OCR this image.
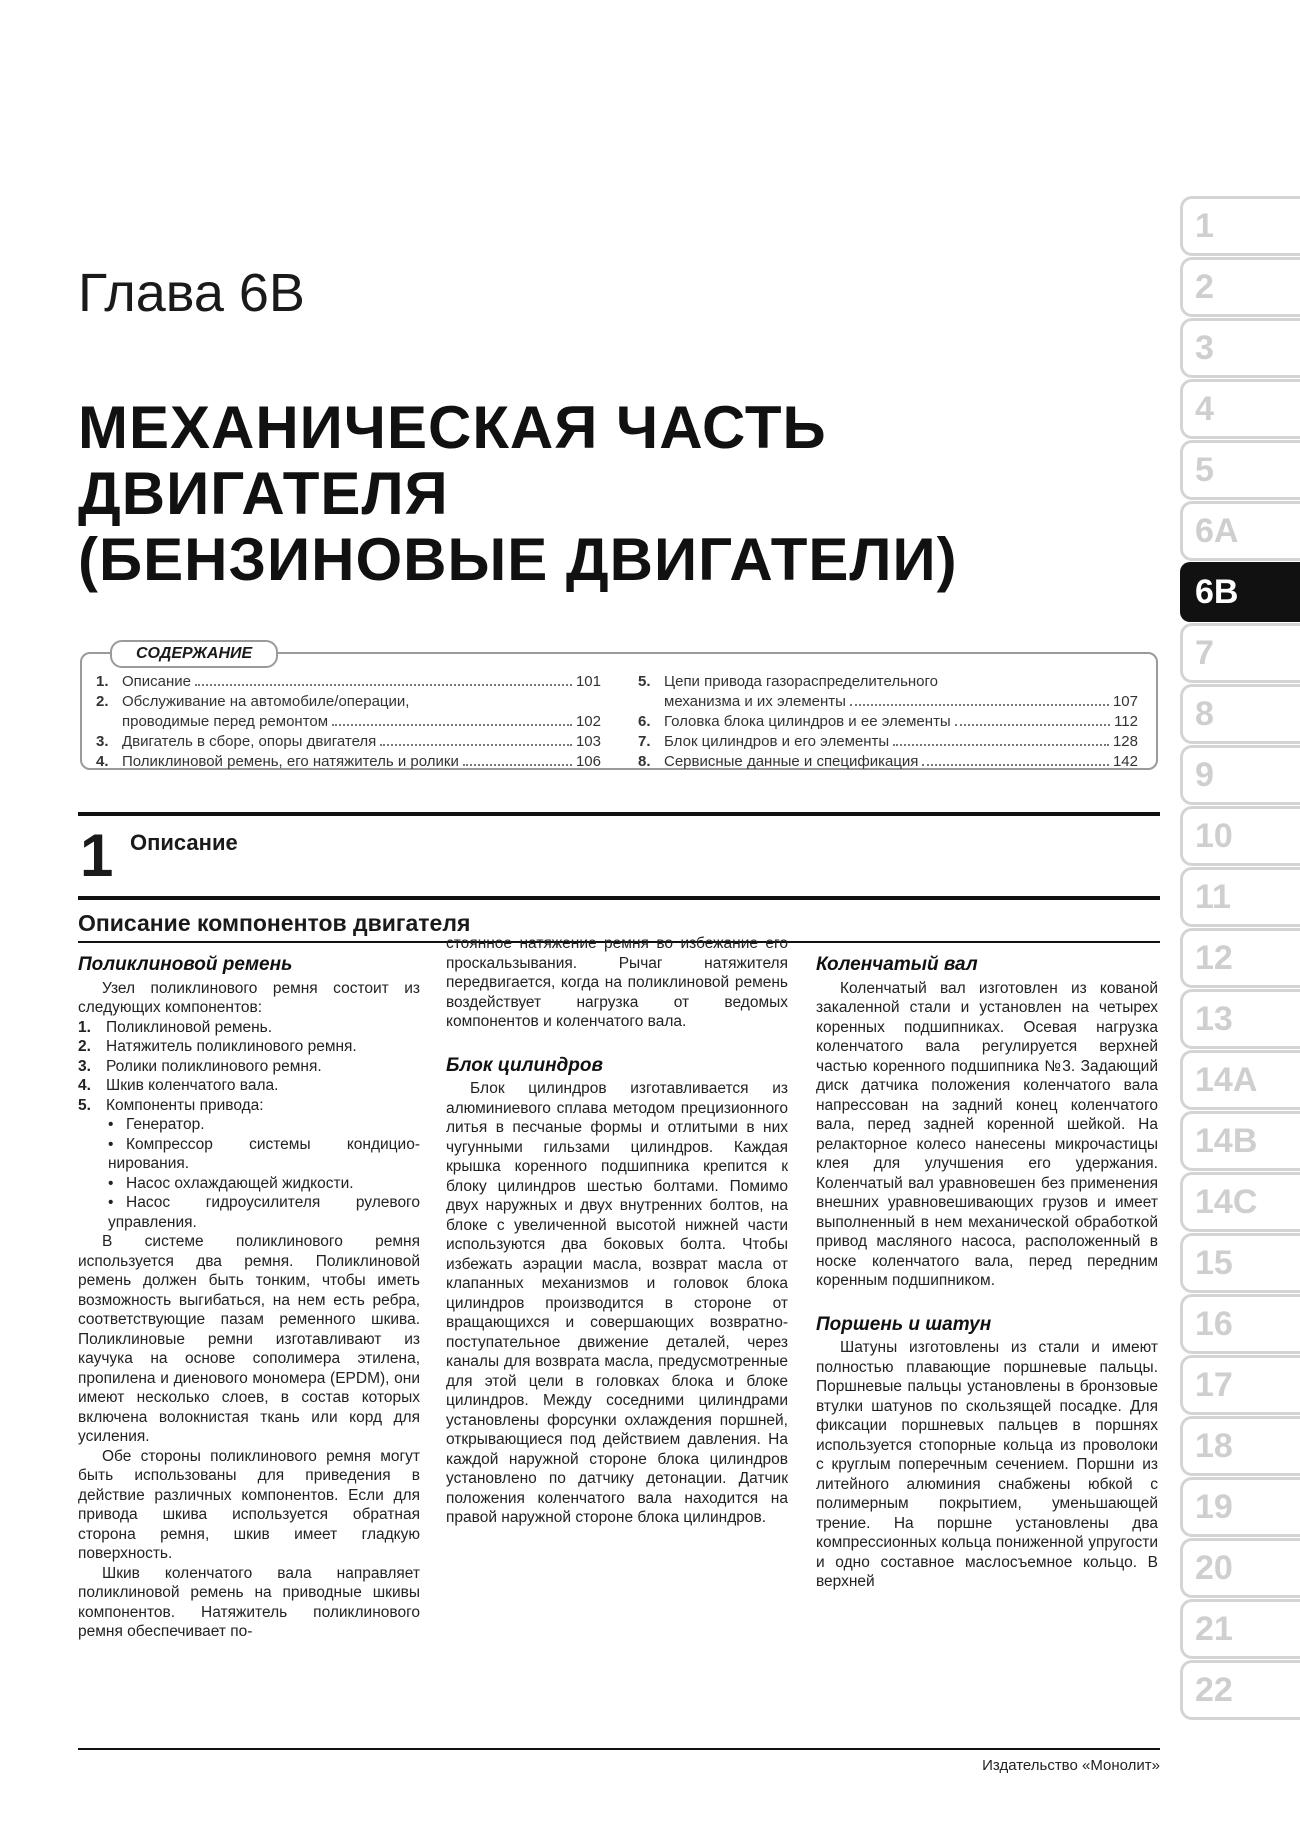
Глава 6В
МЕХАНИЧЕСКАЯ ЧАСТЬ
ДВИГАТЕЛЯ
(БЕНЗИНОВЫЕ ДВИГАТЕЛИ)
СОДЕРЖАНИЕ
1. Описание	101
2. Обслуживание на автомобиле/операции,
проводимые перед ремонтом	102
3. Двигатель в сборе, опоры двигателя	103
4. Поликлиновой ремень, его натяжитель и ролики	106
5. Цепи привода газораспределительного
механизма и их элементы	107
6. Головка блока цилиндров и ее элементы	112
7. Блок цилиндров и его элементы	128
8. Сервисные данные и спецификация	142
1 Описание
Описание компонентов двигателя
Поликлиновой ремень

Узел поликлинового ремня состоит из следующих компонентов:

1. Поликлиновой ремень.
2. Натяжитель поликлинового ремня.
3. Ролики поликлинового ремня.
4. Шкив коленчатого вала.
5. Компоненты привода:
• Генератор.
• Компрессор системы кондицио-нирования.
• Насос охлаждающей жидкости.
• Насос гидроусилителя рулевого управления.

В системе поликлинового ремня используется два ремня. Поликлиновой ремень должен быть тонким, чтобы иметь возможность выгибаться, на нем есть ребра, соответствующие пазам ременного шкива. Поликлиновые ремни изготавливают из каучука на основе сополимера этилена, пропилена и диенового мономера (EPDM), они имеют несколько слоев, в состав которых включена волокнистая ткань или корд для усиления.

Обе стороны поликлинового ремня могут быть использованы для приведения в действие различных компонентов. Если для привода шкива используется обратная сторона ремня, шкив имеет гладкую поверхность.

Шкив коленчатого вала направляет поликлиновой ремень на приводные шкивы компонентов. Натяжитель поликлинового ремня обеспечивает по-

стоянное натяжение ремня во избежание его проскальзывания. Рычаг натяжителя передвигается, когда на поликлиновой ремень воздействует нагрузка от ведомых компонентов и коленчатого вала.

Блок цилиндров

Блок цилиндров изготавливается из алюминиевого сплава методом прецизионного литья в песчаные формы и отлитыми в них чугунными гильзами цилиндров. Каждая крышка коренного подшипника крепится к блоку цилиндров шестью болтами. Помимо двух наружных и двух внутренних болтов, на блоке с увеличенной высотой нижней части используются два боковых болта. Чтобы избежать аэрации масла, возврат масла от клапанных механизмов и головок блока цилиндров производится в стороне от вращающихся и совершающих возвратно-поступательное движение деталей, через каналы для возврата масла, предусмотренные для этой цели в головках блока и блоке цилиндров. Между соседними цилиндрами установлены форсунки охлаждения поршней, открывающиеся под действием давления. На каждой наружной стороне блока цилиндров установлено по датчику детонации. Датчик положения коленчатого вала находится на правой наружной стороне блока цилиндров.

Коленчатый вал

Коленчатый вал изготовлен из кованой закаленной стали и установлен на четырех коренных подшипниках. Осевая нагрузка коленчатого вала регулируется верхней частью коренного подшипника №3. Задающий диск датчика положения коленчатого вала напрессован на задний конец коленчатого вала, перед задней коренной шейкой. На релакторное колесо нанесены микрочастицы клея для улучшения его удержания. Коленчатый вал уравновешен без применения внешних уравновешивающих грузов и имеет выполненный в нем механической обработкой привод масляного насоса, расположенный в носке коленчатого вала, перед передним коренным подшипником.

Поршень и шатун

Шатуны изготовлены из стали и имеют полностью плавающие поршневые пальцы. Поршневые пальцы установлены в бронзовые втулки шатунов по скользящей посадке. Для фиксации поршневых пальцев в поршнях используется стопорные кольца из проволоки с круглым поперечным сечением. Поршни из литейного алюминия снабжены юбкой с полимерным покрытием, уменьшающей трение. На поршне установлены два компрессионных кольца пониженной упругости и одно составное маслосъемное кольцо. В верхней

Издательство «Монолит»
1
2
3
4
5
6A
6B
7
8
9
10
11
12
13
14A
14B
14C
15
16
17
18
19
20
21
22
